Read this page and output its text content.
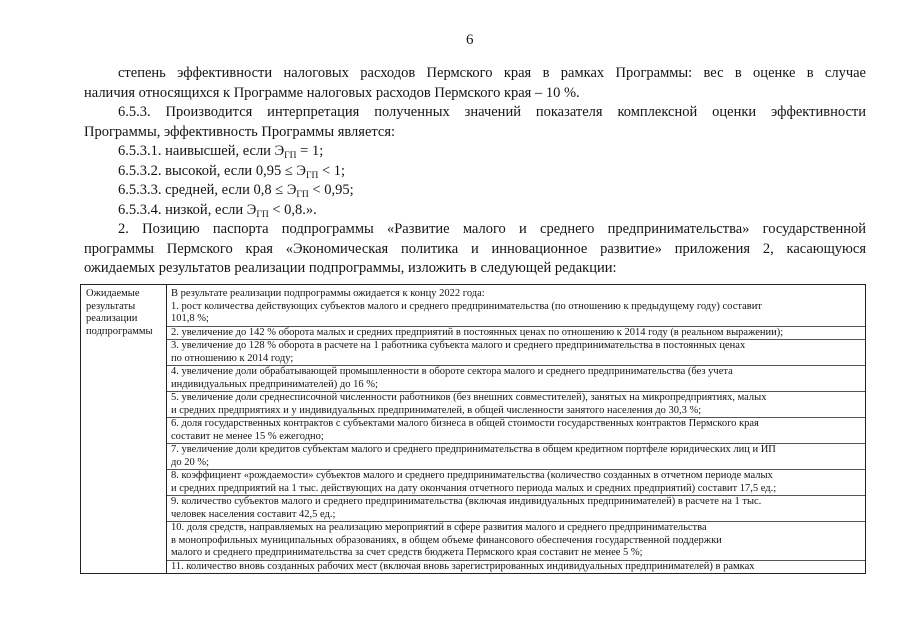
6
степень эффективности налоговых расходов Пермского края в рамках Программы: вес в оценке в случае
наличия относящихся к Программе налоговых расходов Пермского края – 10 %.
6.5.3. Производится интерпретация полученных значений показателя комплексной оценки эффективности
Программы, эффективность Программы является:
6.5.3.1. наивысшей, если $Э_{ГП} = 1$;
6.5.3.2. высокой, если $0,95 \le Э_{ГП} < 1$;
6.5.3.3. средней, если $0,8 \le Э_{ГП} < 0,95$;
6.5.3.4. низкой, если $Э_{ГП} < 0,8$.».
2. Позицию паспорта подпрограммы «Развитие малого и среднего предпринимательства» государственной
программы Пермского края «Экономическая политика и инновационное развитие» приложения 2, касающуюся
ожидаемых результатов реализации подпрограммы, изложить в следующей редакции:
Ожидаемые
результаты
реализации
подпрограммы
В результате реализации подпрограммы ожидается к концу 2022 года:
1. рост количества действующих субъектов малого и среднего предпринимательства (по отношению к предыдущему году) составит
101,8 %;
2. увеличение до 142 % оборота малых и средних предприятий в постоянных ценах по отношению к 2014 году (в реальном выражении);
3. увеличение до 128 % оборота в расчете на 1 работника субъекта малого и среднего предпринимательства в постоянных ценах
по отношению к 2014 году;
4. увеличение доли обрабатывающей промышленности в обороте сектора малого и среднего предпринимательства (без учета
индивидуальных предпринимателей) до 16 %;
5. увеличение доли среднесписочной численности работников (без внешних совместителей), занятых на микропредприятиях, малых
и средних предприятиях и у индивидуальных предпринимателей, в общей численности занятого населения до 30,3 %;
6. доля государственных контрактов с субъектами малого бизнеса в общей стоимости государственных контрактов Пермского края
составит не менее 15 % ежегодно;
7. увеличение доли кредитов субъектам малого и среднего предпринимательства в общем кредитном портфеле юридических лиц и ИП
до 20 %;
8. коэффициент «рождаемости» субъектов малого и среднего предпринимательства (количество созданных в отчетном периоде малых
и средних предприятий на 1 тыс. действующих на дату окончания отчетного периода малых и средних предприятий) составит 17,5 ед.;
9. количество субъектов малого и среднего предпринимательства (включая индивидуальных предпринимателей) в расчете на 1 тыс.
человек населения составит 42,5 ед.;
10. доля средств, направляемых на реализацию мероприятий в сфере развития малого и среднего предпринимательства
в монопрофильных муниципальных образованиях, в общем объеме финансового обеспечения государственной поддержки
малого и среднего предпринимательства за счет средств бюджета Пермского края составит не менее 5 %;
11. количество вновь созданных рабочих мест (включая вновь зарегистрированных индивидуальных предпринимателей) в рамках
